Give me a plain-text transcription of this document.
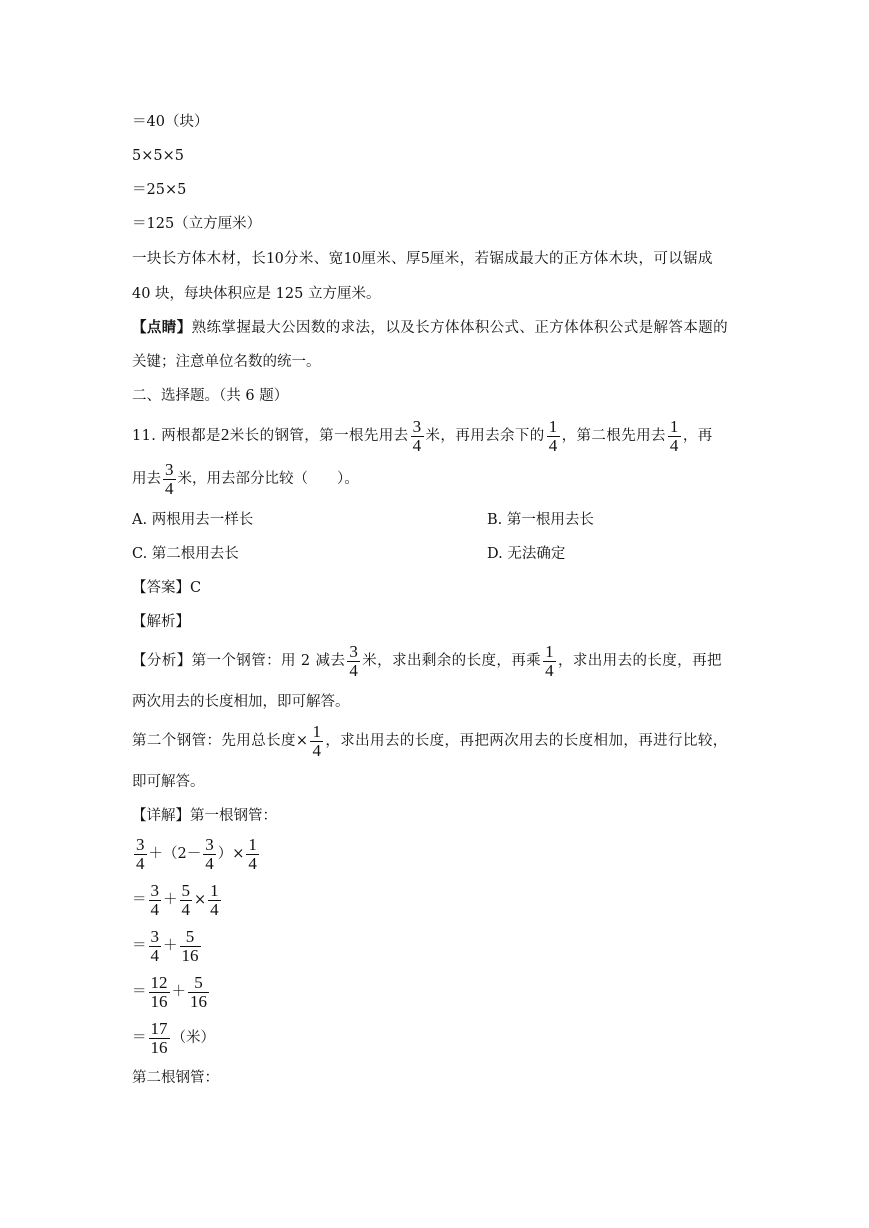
＝40（块）
5×5×5
＝25×5
＝125（立方厘米）
一块长方体木材，长10分米、宽10厘米、厚5厘米，若锯成最大的正方体木块，可以锯成
40 块，每块体积应是 125 立方厘米。
【点睛】熟练掌握最大公因数的求法，以及长方体体积公式、正方体体积公式是解答本题的
关键；注意单位名数的统一。
二、选择题。（共 6 题）
11. 两根都是2米长的钢管，第一根先用去 $\frac{3}{4}$ 米，再用去余下的 $\frac{1}{4}$ ，第二根先用去 $\frac{1}{4}$ ，再
用去 $\frac{3}{4}$ 米，用去部分比较（　　）。
A. 两根用去一样长	B. 第一根用去长
C. 第二根用去长	D. 无法确定
【答案】C
【解析】
【分析】第一个钢管：用 2 减去 $\frac{3}{4}$ 米，求出剩余的长度，再乘 $\frac{1}{4}$ ，求出用去的长度，再把
两次用去的长度相加，即可解答。
第二个钢管：先用总长度× $\frac{1}{4}$ ，求出用去的长度，再把两次用去的长度相加，再进行比较，
即可解答。
【详解】第一根钢管：
$\frac{3}{4} +(2- \frac{3}{4}$ ）× $\frac{1}{4}$
＝ $\frac{3}{4} + \frac{5}{4} \times \frac{1}{4}$
＝ $\frac{3}{4} + \frac{5}{16}$
＝ $\frac{12}{16} + \frac{5}{16}$
＝ $\frac{17}{16}$ （米）
第二根钢管：
